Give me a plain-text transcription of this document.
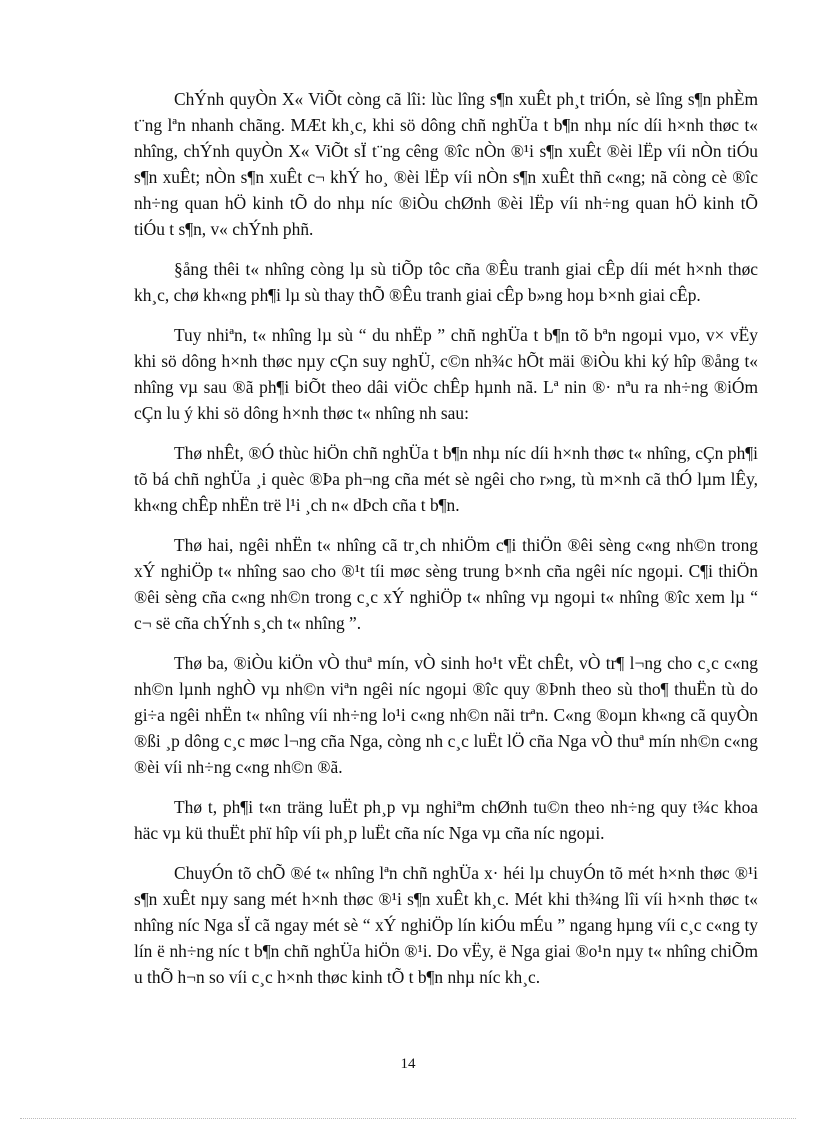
ChÝnh quyÒn X« ViÕt còng cã lîi: lùc lîng s¶n xuÊt ph¸t triÓn, sè lîng s¶n phÈm t¨ng lªn nhanh chãng. MÆt kh¸c, khi sö dông chñ nghÜa t b¶n nhµ níc díi h×nh thøc t« nhîng, chÝnh quyÒn X« ViÕt sÏ t¨ng cêng ®îc nÒn ®¹i s¶n xuÊt ®èi lËp víi nÒn tiÓu s¶n xuÊt; nÒn s¶n xuÊt c¬ khÝ ho¸ ®èi lËp víi nÒn s¶n xuÊt thñ c«ng; nã còng cè ®îc nh÷ng quan hÖ kinh tÕ do nhµ níc ®iÒu chØnh ®èi lËp víi nh÷ng quan hÖ kinh tÕ tiÓu t s¶n, v« chÝnh phñ.

§ång thêi t« nhîng còng lµ sù tiÕp tôc cña ®Êu tranh giai cÊp díi mét h×nh thøc kh¸c, chø kh«ng ph¶i lµ sù thay thÕ ®Êu tranh giai cÊp b»ng hoµ b×nh giai cÊp.

Tuy nhiªn, t« nhîng lµ sù “ du nhËp ” chñ nghÜa t b¶n tõ bªn ngoµi vµo, v× vËy khi sö dông h×nh thøc nµy cÇn suy nghÜ, c©n nh¾c hÕt mäi ®iÒu khi ký hîp ®ång t« nhîng vµ sau ®ã ph¶i biÕt theo dâi viÖc chÊp hµnh nã. Lª nin ®· nªu ra nh÷ng ®iÓm cÇn lu ý khi sö dông h×nh thøc t« nhîng nh sau:

Thø nhÊt, ®Ó thùc hiÖn chñ nghÜa t b¶n nhµ níc díi h×nh thøc t« nhîng, cÇn ph¶i tõ bá chñ nghÜa ¸i quèc ®Þa ph¬ng cña mét sè ngêi cho r»ng, tù m×nh cã thÓ lµm lÊy, kh«ng chÊp nhËn trë l¹i ¸ch n« dÞch cña t b¶n.

Thø hai, ngêi nhËn t« nhîng cã tr¸ch nhiÖm c¶i thiÖn ®êi sèng c«ng nh©n trong xÝ nghiÖp t« nhîng sao cho ®¹t tíi møc sèng trung b×nh cña ngêi níc ngoµi. C¶i thiÖn ®êi sèng cña c«ng nh©n trong c¸c xÝ nghiÖp t« nhîng vµ ngoµi t« nhîng ®îc xem lµ “ c¬ së cña chÝnh s¸ch t« nhîng ”.

Thø ba, ®iÒu kiÖn vÒ thuª mín, vÒ sinh ho¹t vËt chÊt, vÒ tr¶ l¬ng cho c¸c c«ng nh©n lµnh nghÒ vµ nh©n viªn ngêi níc ngoµi ®îc quy ®Þnh theo sù tho¶ thuËn tù do gi÷a ngêi nhËn t« nhîng víi nh÷ng lo¹i c«ng nh©n nãi trªn. C«ng ®oµn kh«ng cã quyÒn ®ßi ¸p dông c¸c møc l¬ng cña Nga, còng nh c¸c luËt lÖ cña Nga vÒ thuª mín nh©n c«ng ®èi víi nh÷ng c«ng nh©n ®ã.

Thø t, ph¶i t«n träng luËt ph¸p vµ nghiªm chØnh tu©n theo nh÷ng quy t¾c khoa häc vµ kü thuËt phï hîp víi ph¸p luËt cña níc Nga vµ cña níc ngoµi.

ChuyÓn tõ chÕ ®é t« nhîng lªn chñ nghÜa x· héi lµ chuyÓn tõ mét h×nh thøc ®¹i s¶n xuÊt nµy sang mét h×nh thøc ®¹i s¶n xuÊt kh¸c. Mét khi th¾ng lîi víi h×nh thøc t« nhîng níc Nga sÏ cã ngay mét sè “ xÝ nghiÖp lín kiÓu mÉu ” ngang hµng víi c¸c c«ng ty lín ë nh÷ng níc t b¶n chñ nghÜa hiÖn ®¹i. Do vËy, ë Nga giai ®o¹n nµy t« nhîng chiÕm u thÕ h¬n so víi c¸c h×nh thøc kinh tÕ t b¶n nhµ níc kh¸c.

14
